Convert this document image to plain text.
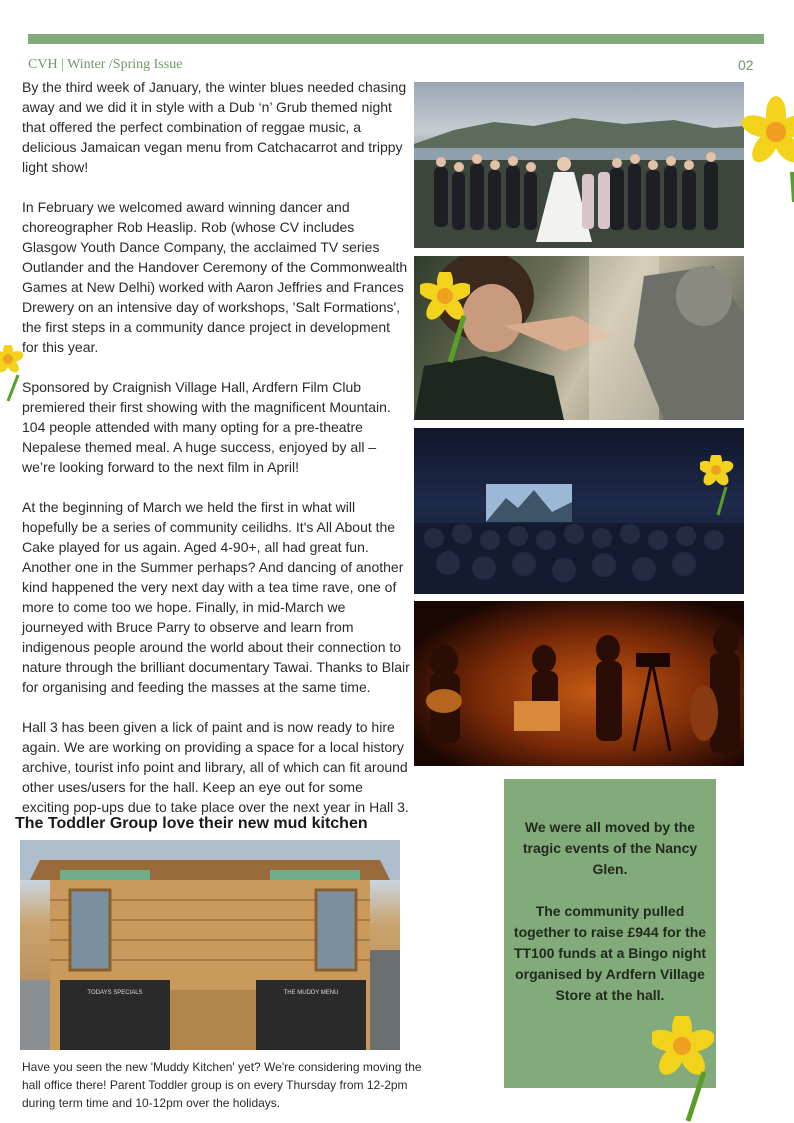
CVH | Winter /Spring Issue	02

By the third week of January, the winter blues needed chasing away and we did it in style with a Dub ‘n’ Grub themed night that offered the perfect combination of reggae music, a delicious Jamaican vegan menu from Catchacarrot and trippy light show!

In February we welcomed award winning dancer and choreographer Rob Heaslip. Rob (whose CV includes Glasgow Youth Dance Company, the acclaimed TV series Outlander and the Handover Ceremony of the Commonwealth Games at New Delhi) worked with Aaron Jeffries and Frances Drewery on an intensive day of workshops, 'Salt Formations', the first steps in a community dance project in development for this year.

Sponsored by Craignish Village Hall, Ardfern Film Club premiered their first showing with the magnificent Mountain. 104 people attended with many opting for a pre-theatre Nepalese themed meal. A huge success, enjoyed by all – we’re looking forward to the next film in April!

At the beginning of March we held the first in what will hopefully be a series of community ceilidhs. It's All About the Cake played for us again. Aged 4-90+, all had great fun. Another one in the Summer perhaps? And dancing of another kind happened the very next day with a tea time rave, one of more to come too we hope. Finally, in mid-March we journeyed with Bruce Parry to observe and learn from indigenous people around the world about their connection to nature through the brilliant documentary Tawai. Thanks to Blair for organising and feeding the masses at the same time.

Hall 3 has been given a lick of paint and is now ready to hire again. We are working on providing a space for a local history archive, tourist info point and library, all of which can fit around other uses/users for the hall. Keep an eye out for some exciting pop-ups due to take place over the next year in Hall 3.

The Toddler Group love their new mud kitchen
TODAYS SPECIALS	THE MUDDY MENU
Have you seen the new 'Muddy Kitchen' yet? We're considering moving the hall office there! Parent Toddler group is on every Thursday from 12-2pm during term time and 10-12pm over the holidays.

We were all moved by the tragic events of the Nancy Glen.

The community pulled together to raise £944 for the TT100 funds at a Bingo night organised by Ardfern Village Store at the hall.
